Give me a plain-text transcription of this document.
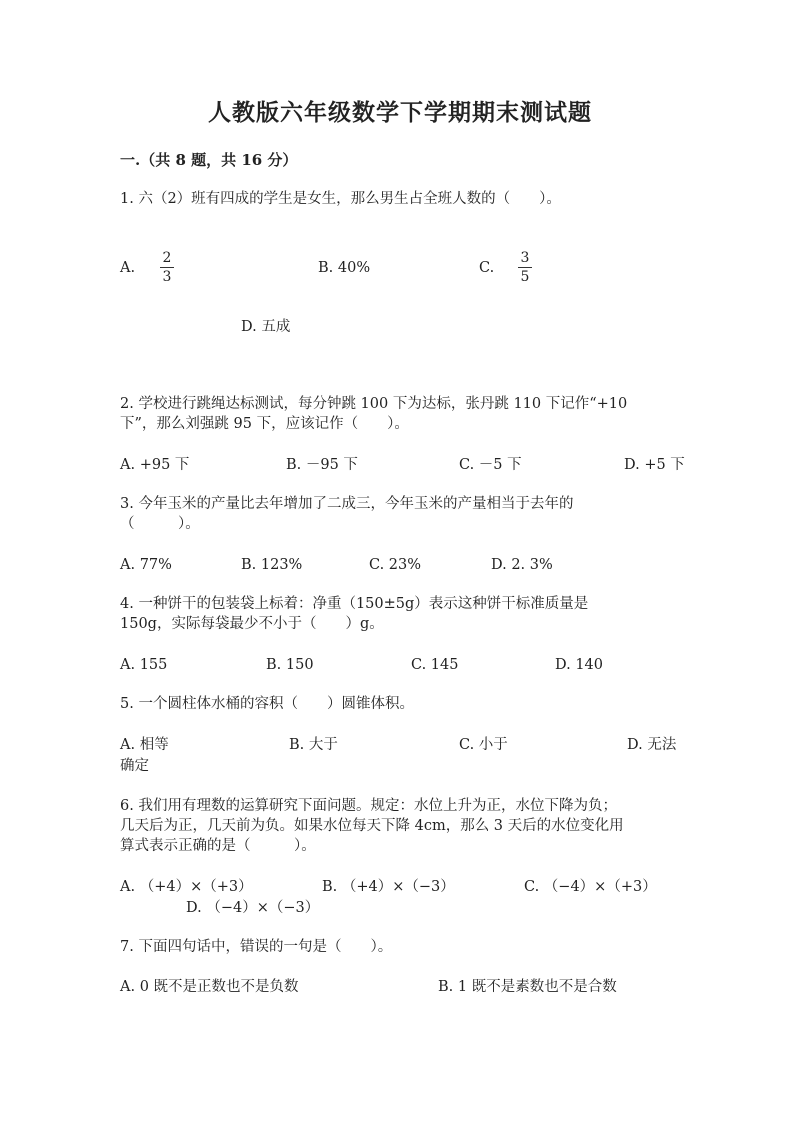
人教版六年级数学下学期期末测试题
一.（共 8 题，共 16 分）
1. 六（2）班有四成的学生是女生，那么男生占全班人数的（　　）。
A.
2
3
B. 40%	C.
3
5
D. 五成
2. 学校进行跳绳达标测试，每分钟跳 100 下为达标，张丹跳 110 下记作“+10
下”，那么刘强跳 95 下，应该记作（　　）。
A. +95 下	B. －95 下	C. －5 下	D. +5 下
3. 今年玉米的产量比去年增加了二成三，今年玉米的产量相当于去年的
（　　　）。
A. 77%	B. 123%	C. 23%	D. 2. 3%
4. 一种饼干的包装袋上标着：净重（150±5g）表示这种饼干标准质量是
150g，实际每袋最少不小于（　　）g。
A. 155	B. 150	C. 145	D. 140
5. 一个圆柱体水桶的容积（　　）圆锥体积。
A. 相等	B. 大于	C. 小于	D. 无法
确定
6. 我们用有理数的运算研究下面问题。规定：水位上升为正，水位下降为负；
几天后为正，几天前为负。如果水位每天下降 4cm，那么 3 天后的水位变化用
算式表示正确的是（　　　）。
A. （+4）×（+3）	B. （+4）×（−3）	C. （−4）×（+3）
D. （−4）×（−3）
7. 下面四句话中，错误的一句是（　　）。
A. 0 既不是正数也不是负数	B. 1 既不是素数也不是合数
